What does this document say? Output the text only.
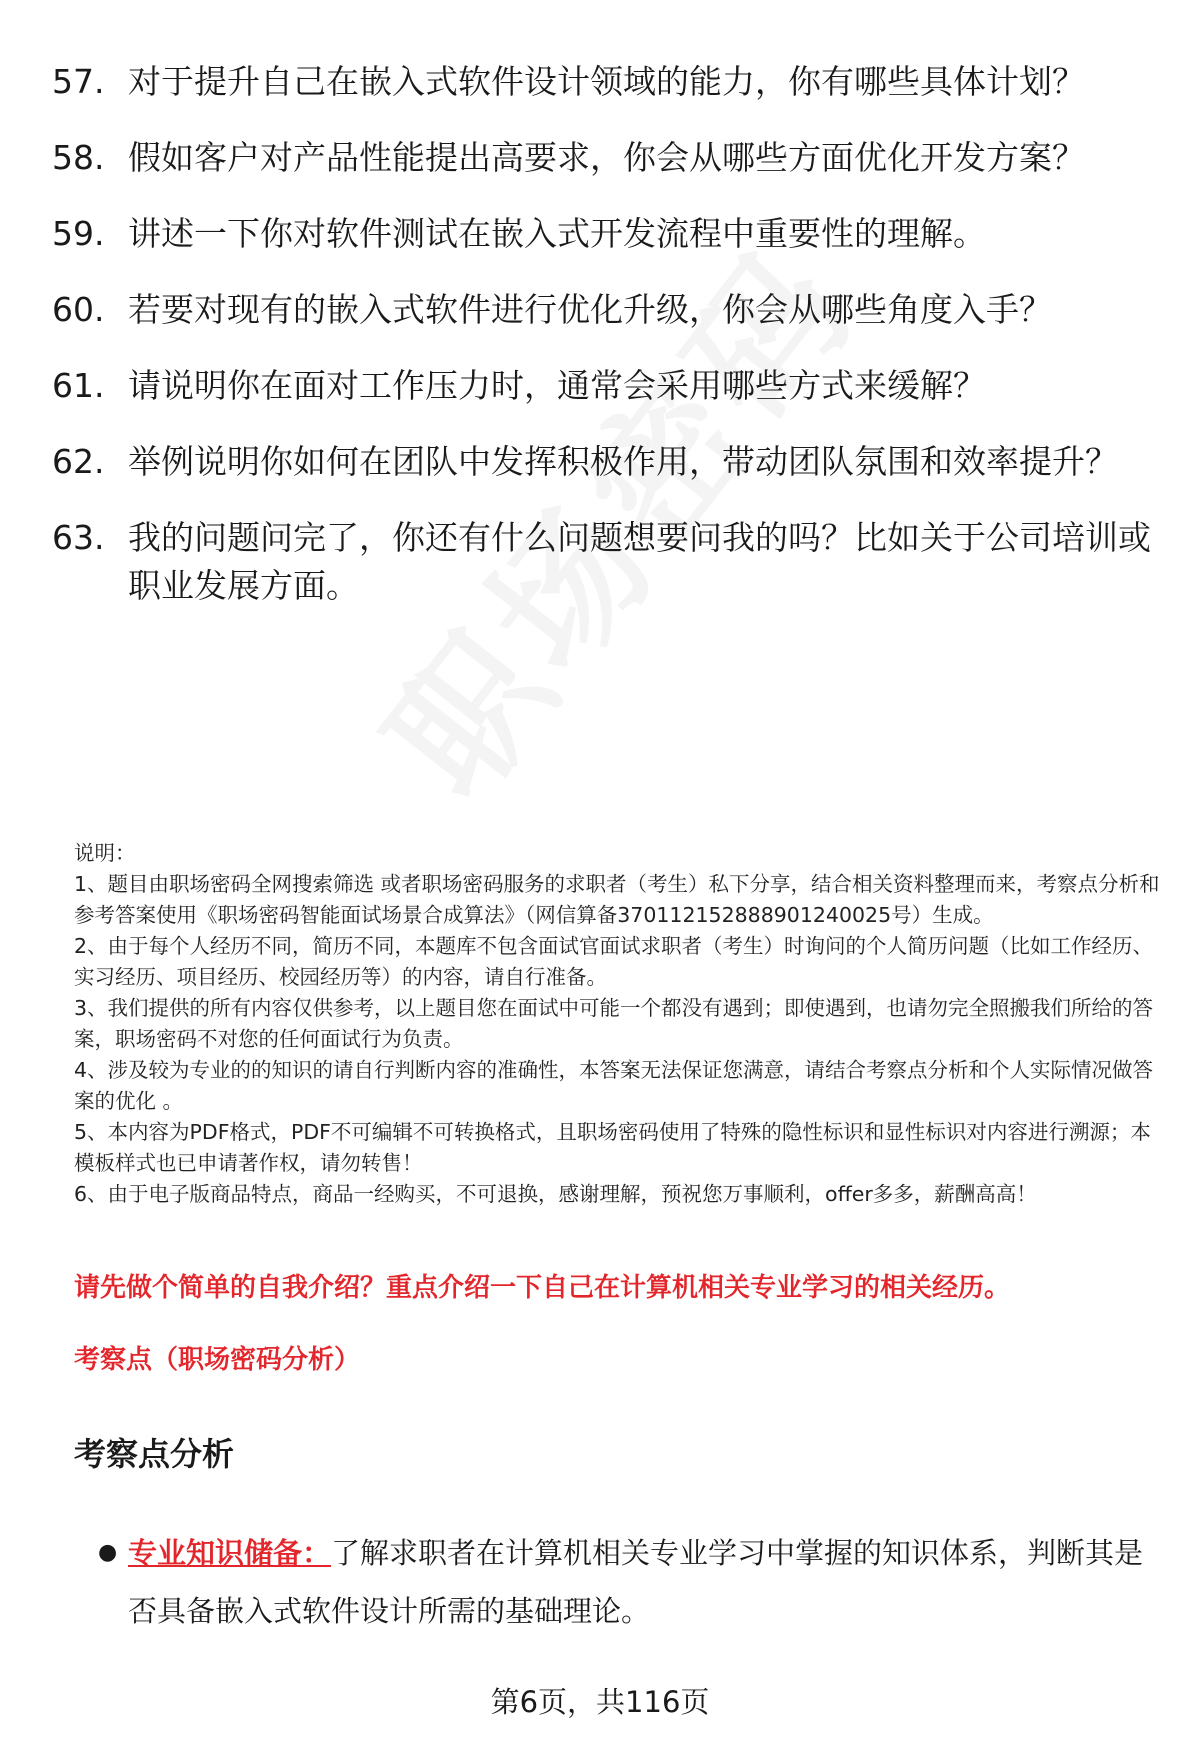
57. 对于提升自己在嵌入式软件设计领域的能力，你有哪些具体计划？
58. 假如客户对产品性能提出高要求，你会从哪些方面优化开发方案？
59. 讲述一下你对软件测试在嵌入式开发流程中重要性的理解。
60. 若要对现有的嵌入式软件进行优化升级，你会从哪些角度入手？
61. 请说明你在面对工作压力时，通常会采用哪些方式来缓解？
62. 举例说明你如何在团队中发挥积极作用，带动团队氛围和效率提升？
63. 我的问题问完了，你还有什么问题想要问我的吗？比如关于公司培训或职业发展方面。

说明：

1、题目由职场密码全网搜索筛选 或者职场密码服务的求职者（考生）私下分享，结合相关资料整理而来，考察点分析和参考答案使用《职场密码智能面试场景合成算法》（网信算备370112152888901240025号）生成。

2、由于每个人经历不同，简历不同，本题库不包含面试官面试求职者（考生）时询问的个人简历问题（比如工作经历、实习经历、项目经历、校园经历等）的内容，请自行准备。

3、我们提供的所有内容仅供参考，以上题目您在面试中可能一个都没有遇到；即使遇到，也请勿完全照搬我们所给的答案，职场密码不对您的任何面试行为负责。

4、涉及较为专业的的知识的请自行判断内容的准确性，本答案无法保证您满意，请结合考察点分析和个人实际情况做答案的优化 。

5、本内容为PDF格式，PDF不可编辑不可转换格式，且职场密码使用了特殊的隐性标识和显性标识对内容进行溯源；本模板样式也已申请著作权，请勿转售！

6、由于电子版商品特点，商品一经购买，不可退换，感谢理解，预祝您万事顺利，offer多多，薪酬高高！

请先做个简单的自我介绍？重点介绍一下自己在计算机相关专业学习的相关经历。
考察点（职场密码分析）
考察点分析
● 专业知识储备：了解求职者在计算机相关专业学习中掌握的知识体系，判断其是否具备嵌入式软件设计所需的基础理论。
第6页，共116页
